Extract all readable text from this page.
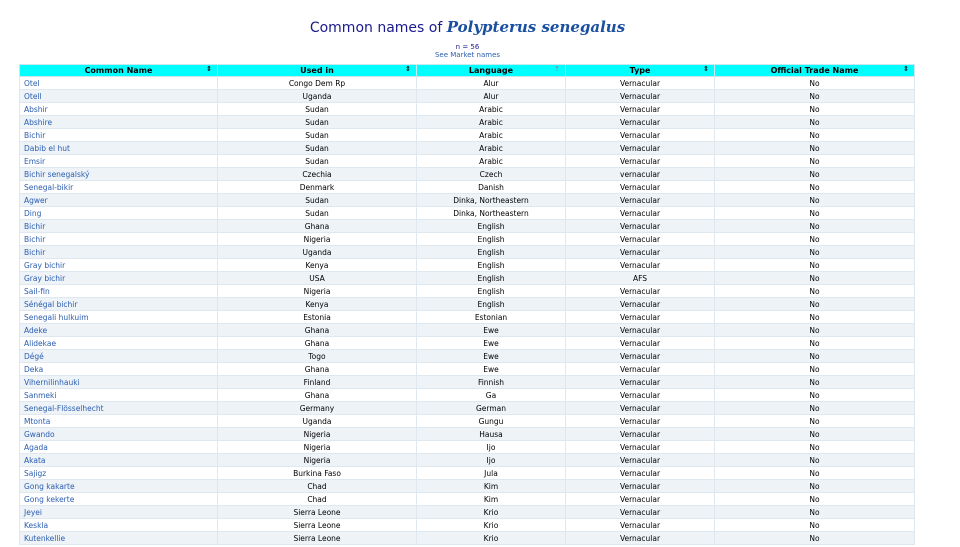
Common names of Polypterus senegalus
n = 56
See Market names
Common Name ⇕	Used in ⇕	Language ⇡	Type ⇕	Official Trade Name ⇕

Otel	Congo Dem Rp	Alur	Vernacular	No
Otell	Uganda	Alur	Vernacular	No
Abshir	Sudan	Arabic	Vernacular	No
Abshire	Sudan	Arabic	Vernacular	No
Bichir	Sudan	Arabic	Vernacular	No
Dabib el hut	Sudan	Arabic	Vernacular	No
Emsir	Sudan	Arabic	Vernacular	No
Bichir senegalský	Czechia	Czech	vernacular	No
Senegal-bikir	Denmark	Danish	Vernacular	No
Agwer	Sudan	Dinka, Northeastern	Vernacular	No
Ding	Sudan	Dinka, Northeastern	Vernacular	No
Bichir	Ghana	English	Vernacular	No
Bichir	Nigeria	English	Vernacular	No
Bichir	Uganda	English	Vernacular	No
Gray bichir	Kenya	English	Vernacular	No
Gray bichir	USA	English	AFS	No
Sail-fin	Nigeria	English	Vernacular	No
Sénégal bichir	Kenya	English	Vernacular	No
Senegali hulkuim	Estonia	Estonian	Vernacular	No
Adeke	Ghana	Ewe	Vernacular	No
Alidekae	Ghana	Ewe	Vernacular	No
Dégé	Togo	Ewe	Vernacular	No
Deka	Ghana	Ewe	Vernacular	No
Vihernilinhauki	Finland	Finnish	Vernacular	No
Sanmeki	Ghana	Ga	Vernacular	No
Senegal-Flösselhecht	Germany	German	Vernacular	No
Mtonta	Uganda	Gungu	Vernacular	No
Gwando	Nigeria	Hausa	Vernacular	No
Agada	Nigeria	Ijo	Vernacular	No
Akata	Nigeria	Ijo	Vernacular	No
Sajigz	Burkina Faso	Jula	Vernacular	No
Gong kakarte	Chad	Kim	Vernacular	No
Gong kekerte	Chad	Kim	Vernacular	No
Jeyei	Sierra Leone	Krio	Vernacular	No
Keskla	Sierra Leone	Krio	Vernacular	No
Kutenkellie	Sierra Leone	Krio	Vernacular	No
